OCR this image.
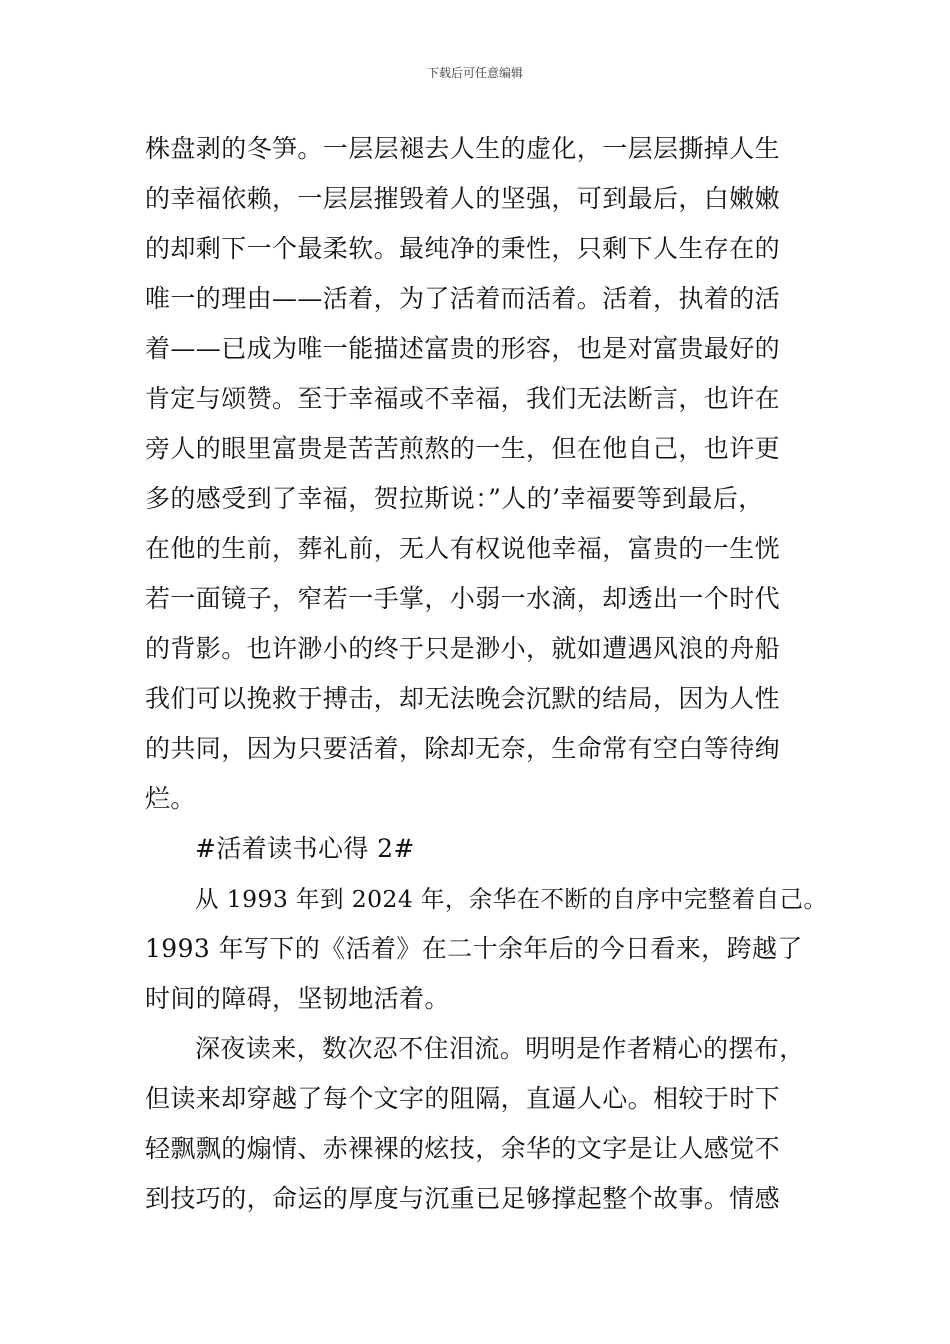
下载后可任意编辑
株盘剥的冬笋。一层层褪去人生的虚化，一层层撕掉人生
的幸福依赖，一层层摧毁着人的坚强，可到最后，白嫩嫩
的却剩下一个最柔软。最纯净的秉性，只剩下人生存在的
唯一的理由——活着，为了活着而活着。活着，执着的活
着——已成为唯一能描述富贵的形容，也是对富贵最好的
肯定与颂赞。至于幸福或不幸福，我们无法断言，也许在
旁人的眼里富贵是苦苦煎熬的一生，但在他自己，也许更
多的感受到了幸福，贺拉斯说：”人的’幸福要等到最后，
在他的生前，葬礼前，无人有权说他幸福，富贵的一生恍
若一面镜子，窄若一手掌，小弱一水滴，却透出一个时代
的背影。也许渺小的终于只是渺小，就如遭遇风浪的舟船
我们可以挽救于搏击，却无法晚会沉默的结局，因为人性
的共同，因为只要活着，除却无奈，生命常有空白等待绚
烂。
#活着读书心得 2#
从 1993 年到 2024 年，余华在不断的自序中完整着自己。
1993 年写下的《活着》在二十余年后的今日看来，跨越了
时间的障碍，坚韧地活着。
深夜读来，数次忍不住泪流。明明是作者精心的摆布，
但读来却穿越了每个文字的阻隔，直逼人心。相较于时下
轻飘飘的煽情、赤裸裸的炫技，余华的文字是让人感觉不
到技巧的，命运的厚度与沉重已足够撑起整个故事。情感
